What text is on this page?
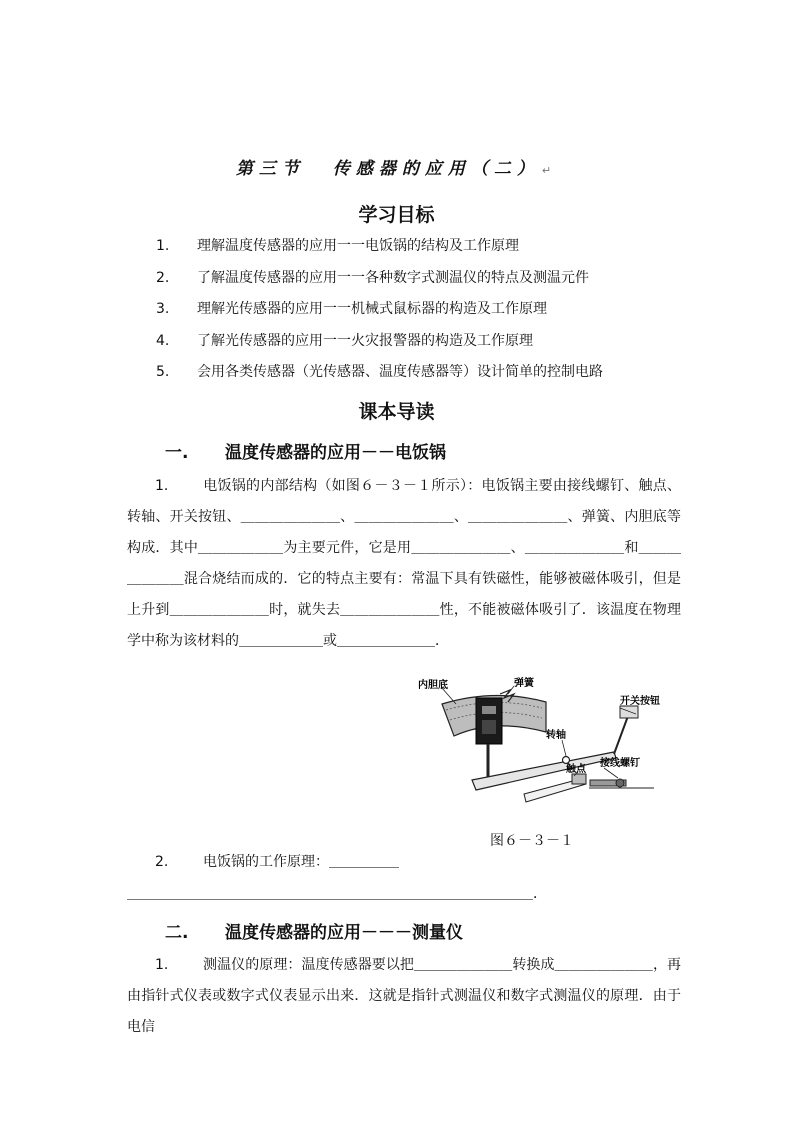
第三节 传感器的应用（二） ↵
学习目标
1. 理解温度传感器的应用一一电饭锅的结构及工作原理
2. 了解温度传感器的应用一一各种数字式测温仪的特点及测温元件
3. 理解光传感器的应用一一机械式鼠标器的构造及工作原理
4. 了解光传感器的应用一一火灾报警器的构造及工作原理
5. 会用各类传感器（光传感器、温度传感器等）设计简单的控制电路
课本导读
一. 温度传感器的应用－－电饭锅

1. 电饭锅的内部结构（如图６－３－１所示）：电饭锅主要由接线螺钉、触点、转轴、开关按钮、＿＿＿＿＿＿＿、＿＿＿＿＿＿＿、＿＿＿＿＿＿＿、弹簧、内胆底等构成．其中＿＿＿＿＿＿为主要元件，它是用＿＿＿＿＿＿＿、＿＿＿＿＿＿＿和＿＿＿＿＿＿＿混合烧结而成的．它的特点主要有：常温下具有铁磁性，能够被磁体吸引，但是上升到＿＿＿＿＿＿＿时，就失去＿＿＿＿＿＿＿性，不能被磁体吸引了．该温度在物理学中称为该材料的＿＿＿＿＿＿或＿＿＿＿＿＿＿．

内胆底	弹簧
开关按钮
转轴
触点
接线螺钉
图６－３－１
2. 电饭锅的工作原理：＿＿＿＿＿
＿＿＿＿＿＿＿＿＿＿＿＿＿＿＿＿＿＿＿＿＿＿＿＿＿＿＿＿＿．
二. 温度传感器的应用－－－测量仪

1. 测温仪的原理：温度传感器要以把＿＿＿＿＿＿＿转换成＿＿＿＿＿＿＿，再由指针式仪表或数字式仪表显示出来．这就是指针式测温仪和数字式测温仪的原理．由于电信
